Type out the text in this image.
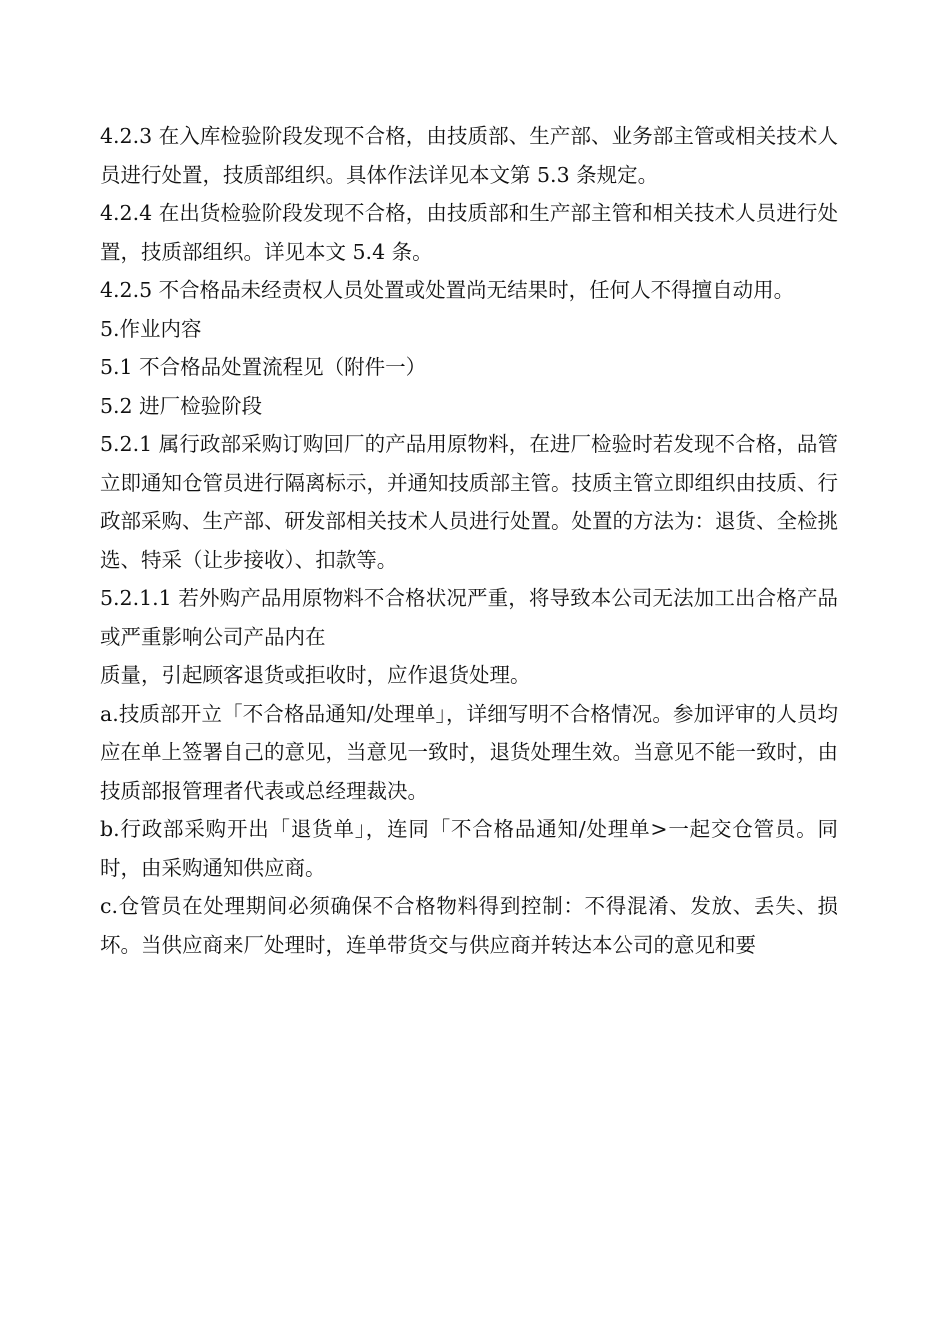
4.2.3 在入库检验阶段发现不合格，由技质部、生产部、业务部主管或相关技术人员进行处置，技质部组织。具体作法详见本文第 5.3 条规定。

4.2.4 在出货检验阶段发现不合格，由技质部和生产部主管和相关技术人员进行处置，技质部组织。详见本文 5.4 条。

4.2.5 不合格品未经责权人员处置或处置尚无结果时，任何人不得擅自动用。

5.作业内容

5.1 不合格品处置流程见（附件一）

5.2 进厂检验阶段

5.2.1 属行政部采购订购回厂的产品用原物料，在进厂检验时若发现不合格，品管立即通知仓管员进行隔离标示，并通知技质部主管。技质主管立即组织由技质、行政部采购、生产部、研发部相关技术人员进行处置。处置的方法为：退货、全检挑选、特采（让步接收）、扣款等。

5.2.1.1 若外购产品用原物料不合格状况严重，将导致本公司无法加工出合格产品或严重影响公司产品内在

质量，引起顾客退货或拒收时，应作退货处理。

a.技质部开立「不合格品通知/处理单」，详细写明不合格情况。参加评审的人员均应在单上签署自己的意见，当意见一致时，退货处理生效。当意见不能一致时，由技质部报管理者代表或总经理裁决。

b.行政部采购开出「退货单」，连同「不合格品通知/处理单>一起交仓管员。同时，由采购通知供应商。

c.仓管员在处理期间必须确保不合格物料得到控制：不得混淆、发放、丢失、损坏。当供应商来厂处理时，连单带货交与供应商并转达本公司的意见和要
